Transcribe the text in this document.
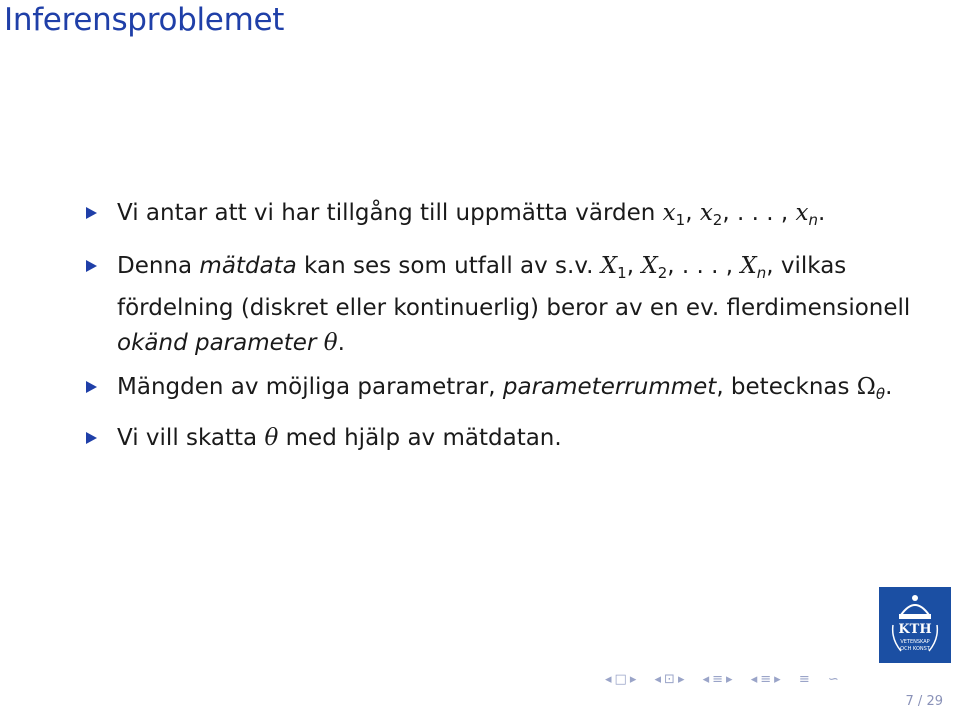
Inferensproblemet
Vi antar att vi har tillgång till uppmätta värden $x_1$, $x_2$, . . . , $x_n$.
Denna mätdata kan ses som utfall av s.v. $X_1$, $X_2$, . . . , $X_n$, vilkas fördelning (diskret eller kontinuerlig) beror av en ev. flerdimensionell okänd parameter θ.
Mängden av möjliga parametrar, parameterrummet, betecknas $\Omega_\theta$.
Vi vill skatta θ med hjälp av mätdatan.
KTH
VETENSKAP
OCH KONST
◂ □ ▸ ◂ ⊡ ▸ ◂ ≡ ▸ ◂ ≡ ▸ ≡ ∽
7 / 29
